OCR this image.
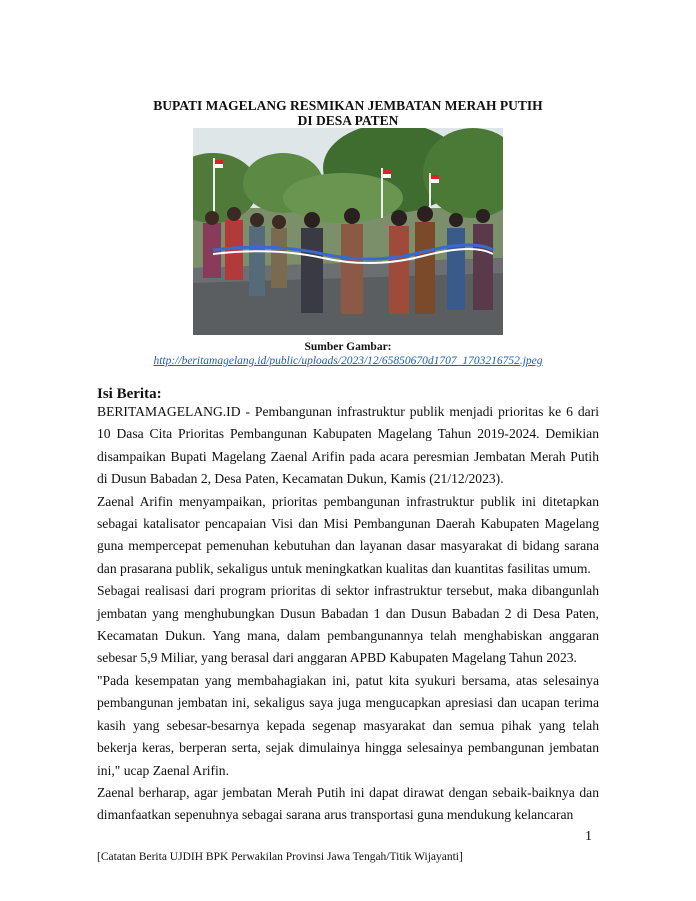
BUPATI MAGELANG RESMIKAN JEMBATAN MERAH PUTIH

DI DESA PATEN

Sumber Gambar:

http://beritamagelang.id/public/uploads/2023/12/65850670d1707_1703216752.jpeg

Isi Berita:

BERITAMAGELANG.ID - Pembangunan infrastruktur publik menjadi prioritas ke 6 dari 10 Dasa Cita Prioritas Pembangunan Kabupaten Magelang Tahun 2019-2024. Demikian disampaikan Bupati Magelang Zaenal Arifin pada acara peresmian Jembatan Merah Putih di Dusun Babadan 2, Desa Paten, Kecamatan Dukun, Kamis (21/12/2023).

Zaenal Arifin menyampaikan, prioritas pembangunan infrastruktur publik ini ditetapkan sebagai katalisator pencapaian Visi dan Misi Pembangunan Daerah Kabupaten Magelang guna mempercepat pemenuhan kebutuhan dan layanan dasar masyarakat di bidang sarana dan prasarana publik, sekaligus untuk meningkatkan kualitas dan kuantitas fasilitas umum.

Sebagai realisasi dari program prioritas di sektor infrastruktur tersebut, maka dibangunlah jembatan yang menghubungkan Dusun Babadan 1 dan Dusun Babadan 2 di Desa Paten, Kecamatan Dukun. Yang mana, dalam pembangunannya telah menghabiskan anggaran sebesar 5,9 Miliar, yang berasal dari anggaran APBD Kabupaten Magelang Tahun 2023.

"Pada kesempatan yang membahagiakan ini, patut kita syukuri bersama, atas selesainya pembangunan jembatan ini, sekaligus saya juga mengucapkan apresiasi dan ucapan terima kasih yang sebesar-besarnya kepada segenap masyarakat dan semua pihak yang telah bekerja keras, berperan serta, sejak dimulainya hingga selesainya pembangunan jembatan ini," ucap Zaenal Arifin.

Zaenal berharap, agar jembatan Merah Putih ini dapat dirawat dengan sebaik-baiknya dan dimanfaatkan sepenuhnya sebagai sarana arus transportasi guna mendukung kelancaran

1

[Catatan Berita UJDIH BPK Perwakilan Provinsi Jawa Tengah/Titik Wijayanti]
